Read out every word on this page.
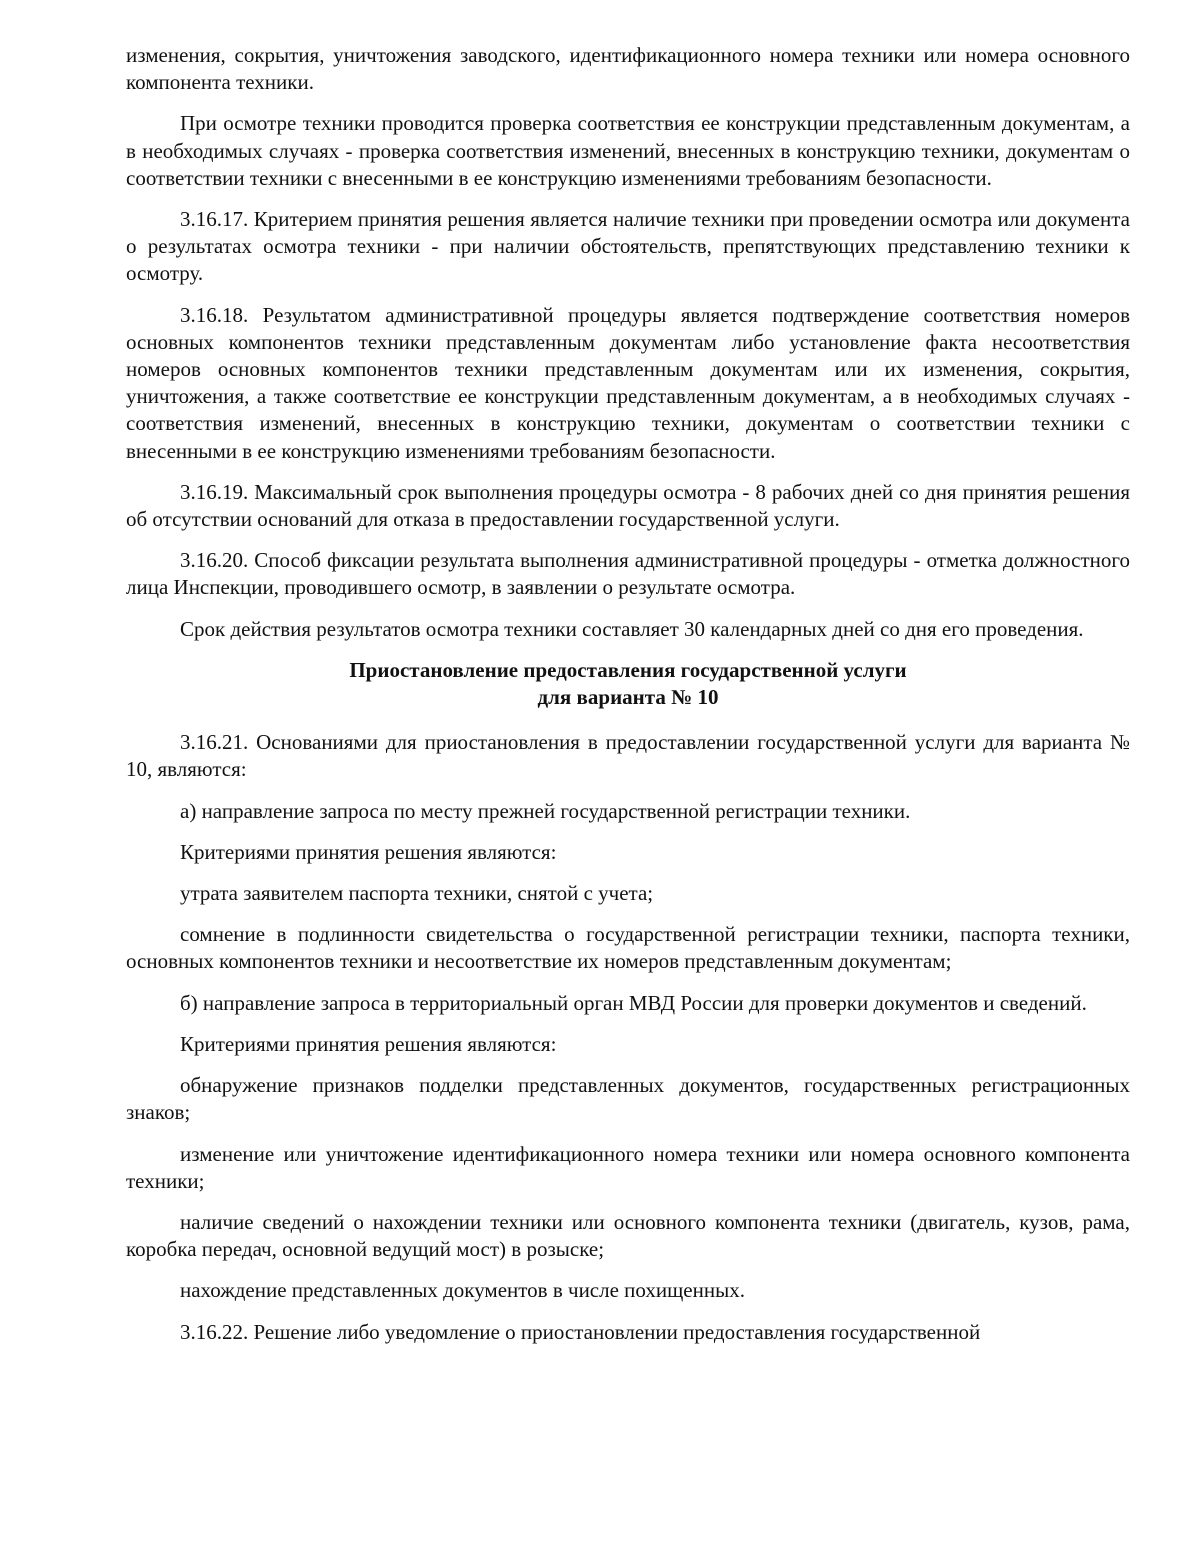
изменения, сокрытия, уничтожения заводского, идентификационного номера техники или номера основного компонента техники.

При осмотре техники проводится проверка соответствия ее конструкции представленным документам, а в необходимых случаях - проверка соответствия изменений, внесенных в конструкцию техники, документам о соответствии техники с внесенными в ее конструкцию изменениями требованиям безопасности.

3.16.17. Критерием принятия решения является наличие техники при проведении осмотра или документа о результатах осмотра техники - при наличии обстоятельств, препятствующих представлению техники к осмотру.

3.16.18. Результатом административной процедуры является подтверждение соответствия номеров основных компонентов техники представленным документам либо установление факта несоответствия номеров основных компонентов техники представленным документам или их изменения, сокрытия, уничтожения, а также соответствие ее конструкции представленным документам, а в необходимых случаях - соответствия изменений, внесенных в конструкцию техники, документам о соответствии техники с внесенными в ее конструкцию изменениями требованиям безопасности.

3.16.19. Максимальный срок выполнения процедуры осмотра - 8 рабочих дней со дня принятия решения об отсутствии оснований для отказа в предоставлении государственной услуги.

3.16.20. Способ фиксации результата выполнения административной процедуры - отметка должностного лица Инспекции, проводившего осмотр, в заявлении о результате осмотра.

Срок действия результатов осмотра техники составляет 30 календарных дней со дня его проведения.

Приостановление предоставления государственной услуги
для варианта № 10

3.16.21. Основаниями для приостановления в предоставлении государственной услуги для варианта № 10, являются:

а) направление запроса по месту прежней государственной регистрации техники.

Критериями принятия решения являются:

утрата заявителем паспорта техники, снятой с учета;

сомнение в подлинности свидетельства о государственной регистрации техники, паспорта техники, основных компонентов техники и несоответствие их номеров представленным документам;

б) направление запроса в территориальный орган МВД России для проверки документов и сведений.

Критериями принятия решения являются:

обнаружение признаков подделки представленных документов, государственных регистрационных знаков;

изменение или уничтожение идентификационного номера техники или номера основного компонента техники;

наличие сведений о нахождении техники или основного компонента техники (двигатель, кузов, рама, коробка передач, основной ведущий мост) в розыске;

нахождение представленных документов в числе похищенных.

3.16.22. Решение либо уведомление о приостановлении предоставления государственной
